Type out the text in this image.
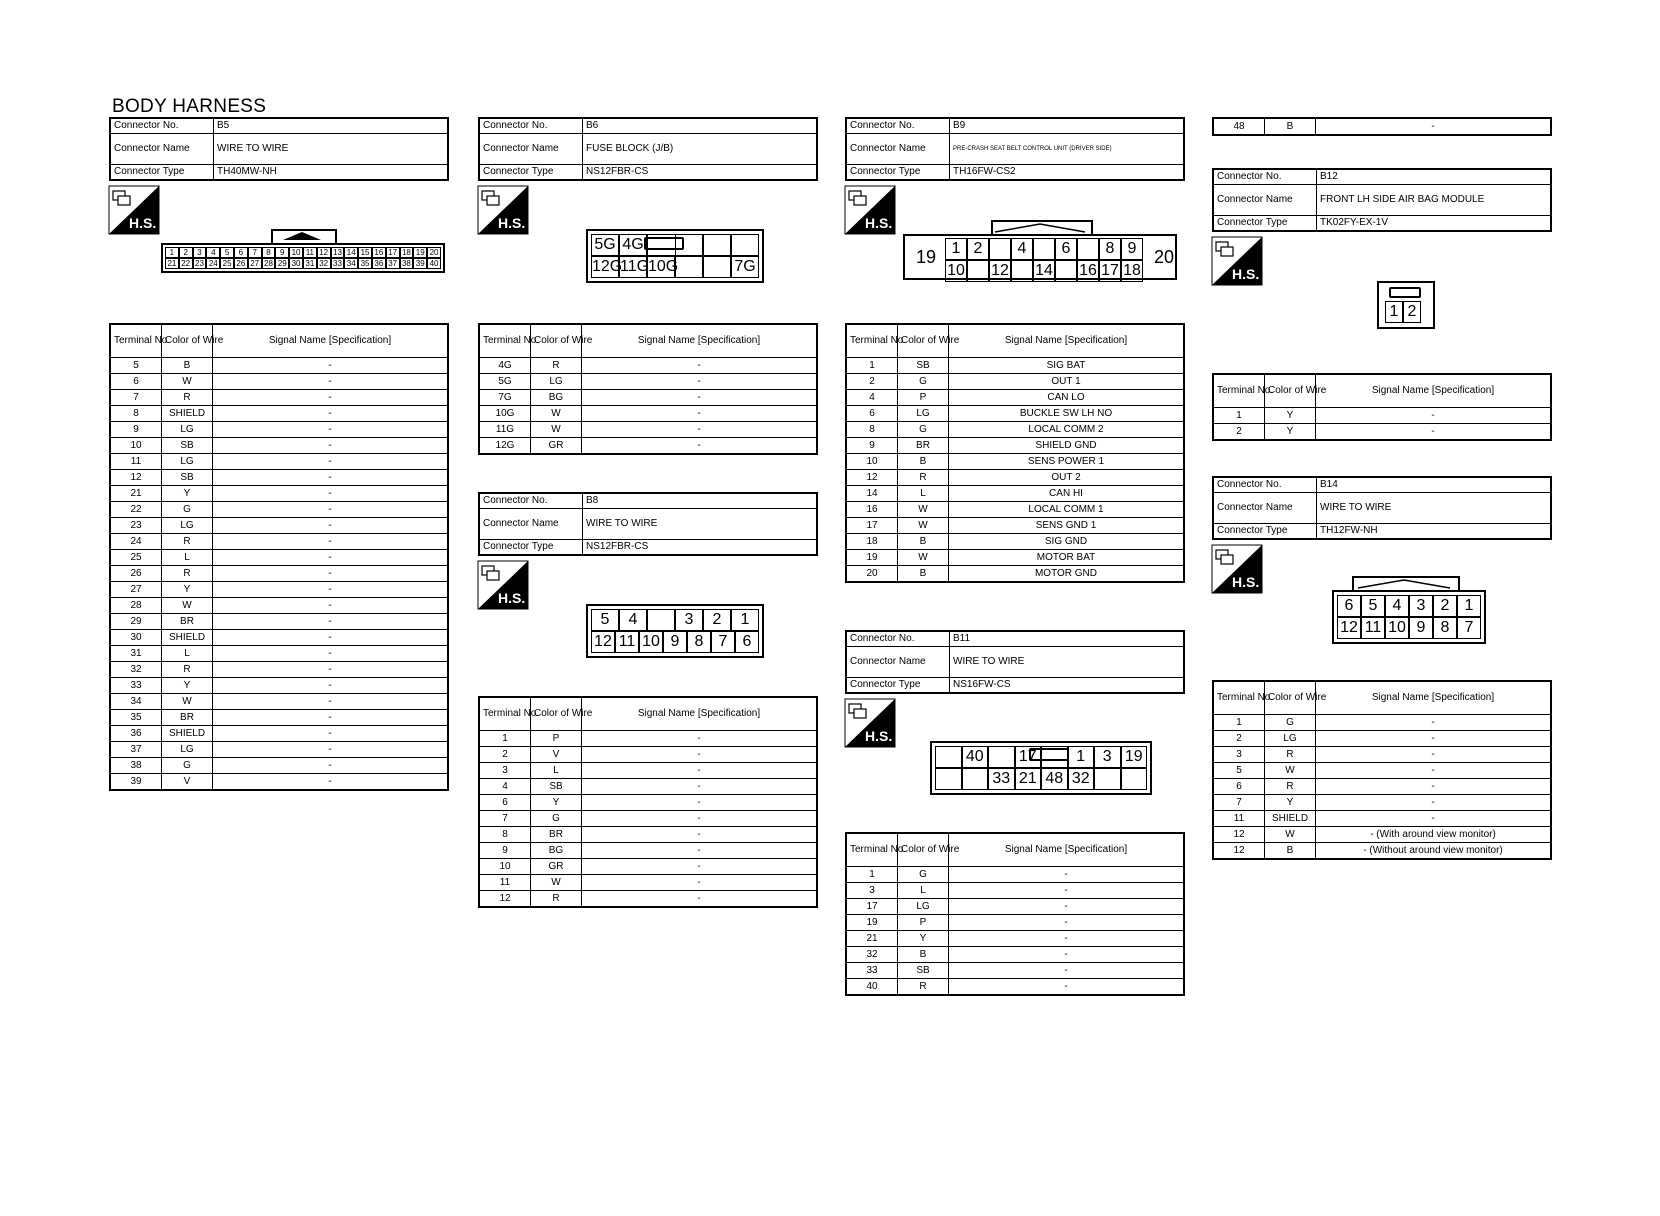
BODY HARNESS
Connector No.	B5
Connector Name	WIRE TO WIRE
Connector Type	TH40MW-NH
H.S.
1	2	3	4	5	6	7	8	9 10 11 12 13 14 15 16 17 18 19 20
21 22 23 24 25 26 27 28 29 30 31 32 33 34 35 36 37 38 39 40
Terminal No.	Color of Wire	Signal Name [Specification]
5	B	-
6	W	-
7	R	-
8	SHIELD	-
9	LG	-
10	SB	-
11	LG	-
12	SB	-
21	Y	-
22	G	-
23	LG	-
24	R	-
25	L	-
26	R	-
27	Y	-
28	W	-
29	BR	-
30	SHIELD	-
31	L	-
32	R	-
33	Y	-
34	W	-
35	BR	-
36	SHIELD	-
37	LG	-
38	G	-
39	V	-
Connector No.	B6
Connector Name	FUSE BLOCK (J/B)
Connector Type	NS12FBR-CS
H.S.
5G 4G
12G
11G
10G	7G
Terminal No.	Color of Wire	Signal Name [Specification]
4G	R	-
5G	LG	-
7G	BG	-
10G	W	-
11G	W	-
12G	GR	-
Connector No.	B8
Connector Name	WIRE TO WIRE
Connector Type	NS12FBR-CS
H.S.
5	4	3	2	1
12 11 10 9 8 7 6
Terminal No.	Color of Wire	Signal Name [Specification]
1	P	-
2	V	-
3	L	-
4	SB	-
6	Y	-
7	G	-
8	BR	-
9	BG	-
10	GR	-
11	W	-
12	R	-
Connector No.	B9
Connector Name	PRE-CRASH SEAT BELT CONTROL UNIT (DRIVER SIDE)
Connector Type	TH16FW-CS2
H.S.
19	20
1 2	4	6	8 9
10 12 14 16 17 18
Terminal No.	Color of Wire	Signal Name [Specification]
1	SB	SIG BAT
2	G	OUT 1
4	P	CAN LO
6	LG	BUCKLE SW LH NO
8	G	LOCAL COMM 2
9	BR	SHIELD GND
10	B	SENS POWER 1
12	R	OUT 2
14	L	CAN HI
16	W	LOCAL COMM 1
17	W	SENS GND 1
18	B	SIG GND
19	W	MOTOR BAT
20	B	MOTOR GND
Connector No.	B11
Connector Name	WIRE TO WIRE
Connector Type	NS16FW-CS
H.S.
40 17	1	3 19
33 21 48 32
Terminal No.	Color of Wire	Signal Name [Specification]
1	G	-
3	L	-
17	LG	-
19	P	-
21	Y	-
32	B	-
33	SB	-
40	R	-
48	B	-
Connector No.	B12
Connector Name	FRONT LH SIDE AIR BAG MODULE
Connector Type	TK02FY-EX-1V
H.S.
1 2
Terminal No.	Color of Wire	Signal Name [Specification]
1	Y	-
2	Y	-
Connector No.	B14
Connector Name	WIRE TO WIRE
Connector Type	TH12FW-NH
H.S.
6 5 4 3 2 1
12 11 10 9 8 7
Terminal No.	Color of Wire	Signal Name [Specification]
1	G	-
2	LG	-
3	R	-
5	W	-
6	R	-
7	Y	-
11	SHIELD	-
12	W	- (With around view monitor)
12	B	- (Without around view monitor)
